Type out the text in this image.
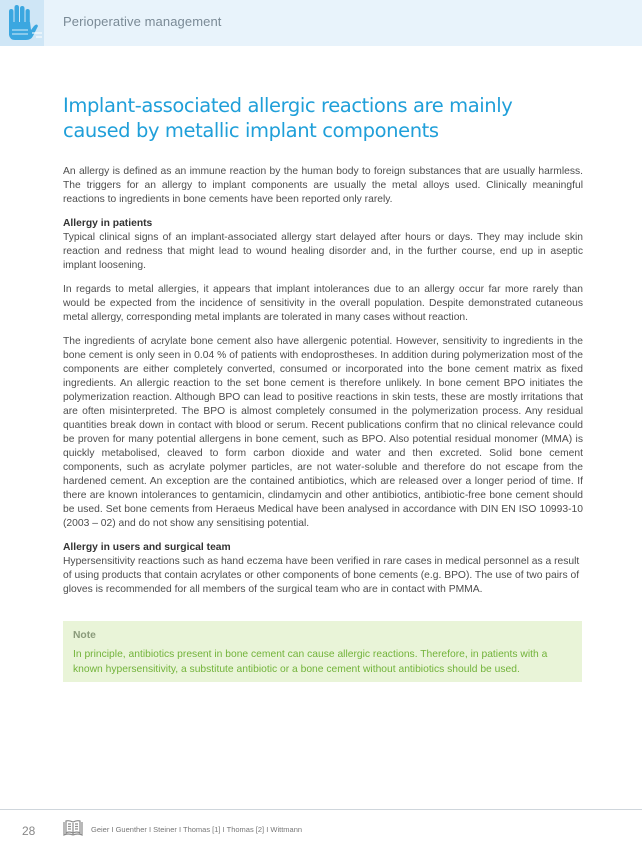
Perioperative management
Implant-associated allergic reactions are mainly caused by metallic implant components

An allergy is defined as an immune reaction by the human body to foreign substances that are usually harmless. The triggers for an allergy to implant components are usually the metal alloys used. Clinically meaningful reactions to ingredients in bone cements have been reported only rarely.

Allergy in patients

Typical clinical signs of an implant-associated allergy start delayed after hours or days. They may include skin reaction and redness that might lead to wound healing disorder and, in the further course, end up in aseptic implant loosening.

In regards to metal allergies, it appears that implant intolerances due to an allergy occur far more rarely than would be expected from the incidence of sensitivity in the overall population. Despite demonstrated cutaneous metal allergy, corresponding metal implants are tolerated in many cases without reaction.

The ingredients of acrylate bone cement also have allergenic potential. However, sensitivity to ingredients in the bone cement is only seen in 0.04 % of patients with endoprostheses. In addition during polymerization most of the components are either completely converted, consumed or incorporated into the bone cement matrix as fixed ingredients. An allergic reaction to the set bone cement is therefore unlikely. In bone cement BPO initiates the polymerization reaction. Although BPO can lead to positive reactions in skin tests, these are mostly irritations that are often misinterpreted. The BPO is almost completely consumed in the polymerization process. Any residual quantities break down in contact with blood or serum. Recent publications confirm that no clinical relevance could be proven for many potential allergens in bone cement, such as BPO. Also potential residual monomer (MMA) is quickly metabolised, cleaved to form carbon dioxide and water and then excreted. Solid bone cement components, such as acrylate polymer particles, are not water-soluble and therefore do not escape from the hardened cement. An exception are the contained antibiotics, which are released over a longer period of time. If there are known intolerances to gentamicin, clindamycin and other antibiotics, antibiotic-free bone cement should be used. Set bone cements from Heraeus Medical have been analysed in accordance with DIN EN ISO 10993-10 (2003 – 02) and do not show any sensitising potential.

Allergy in users and surgical team

Hypersensitivity reactions such as hand eczema have been verified in rare cases in medical personnel as a result of using products that contain acrylates or other components of bone cements (e.g. BPO). The use of two pairs of gloves is recommended for all members of the surgical team who are in contact with PMMA.

Note
In principle, antibiotics present in bone cement can cause allergic reactions. Therefore, in patients with a known hypersensitivity, a substitute antibiotic or a bone cement without antibiotics should be used.
28	Geier I Guenther I Steiner I Thomas [1] I Thomas [2] I Wittmann
